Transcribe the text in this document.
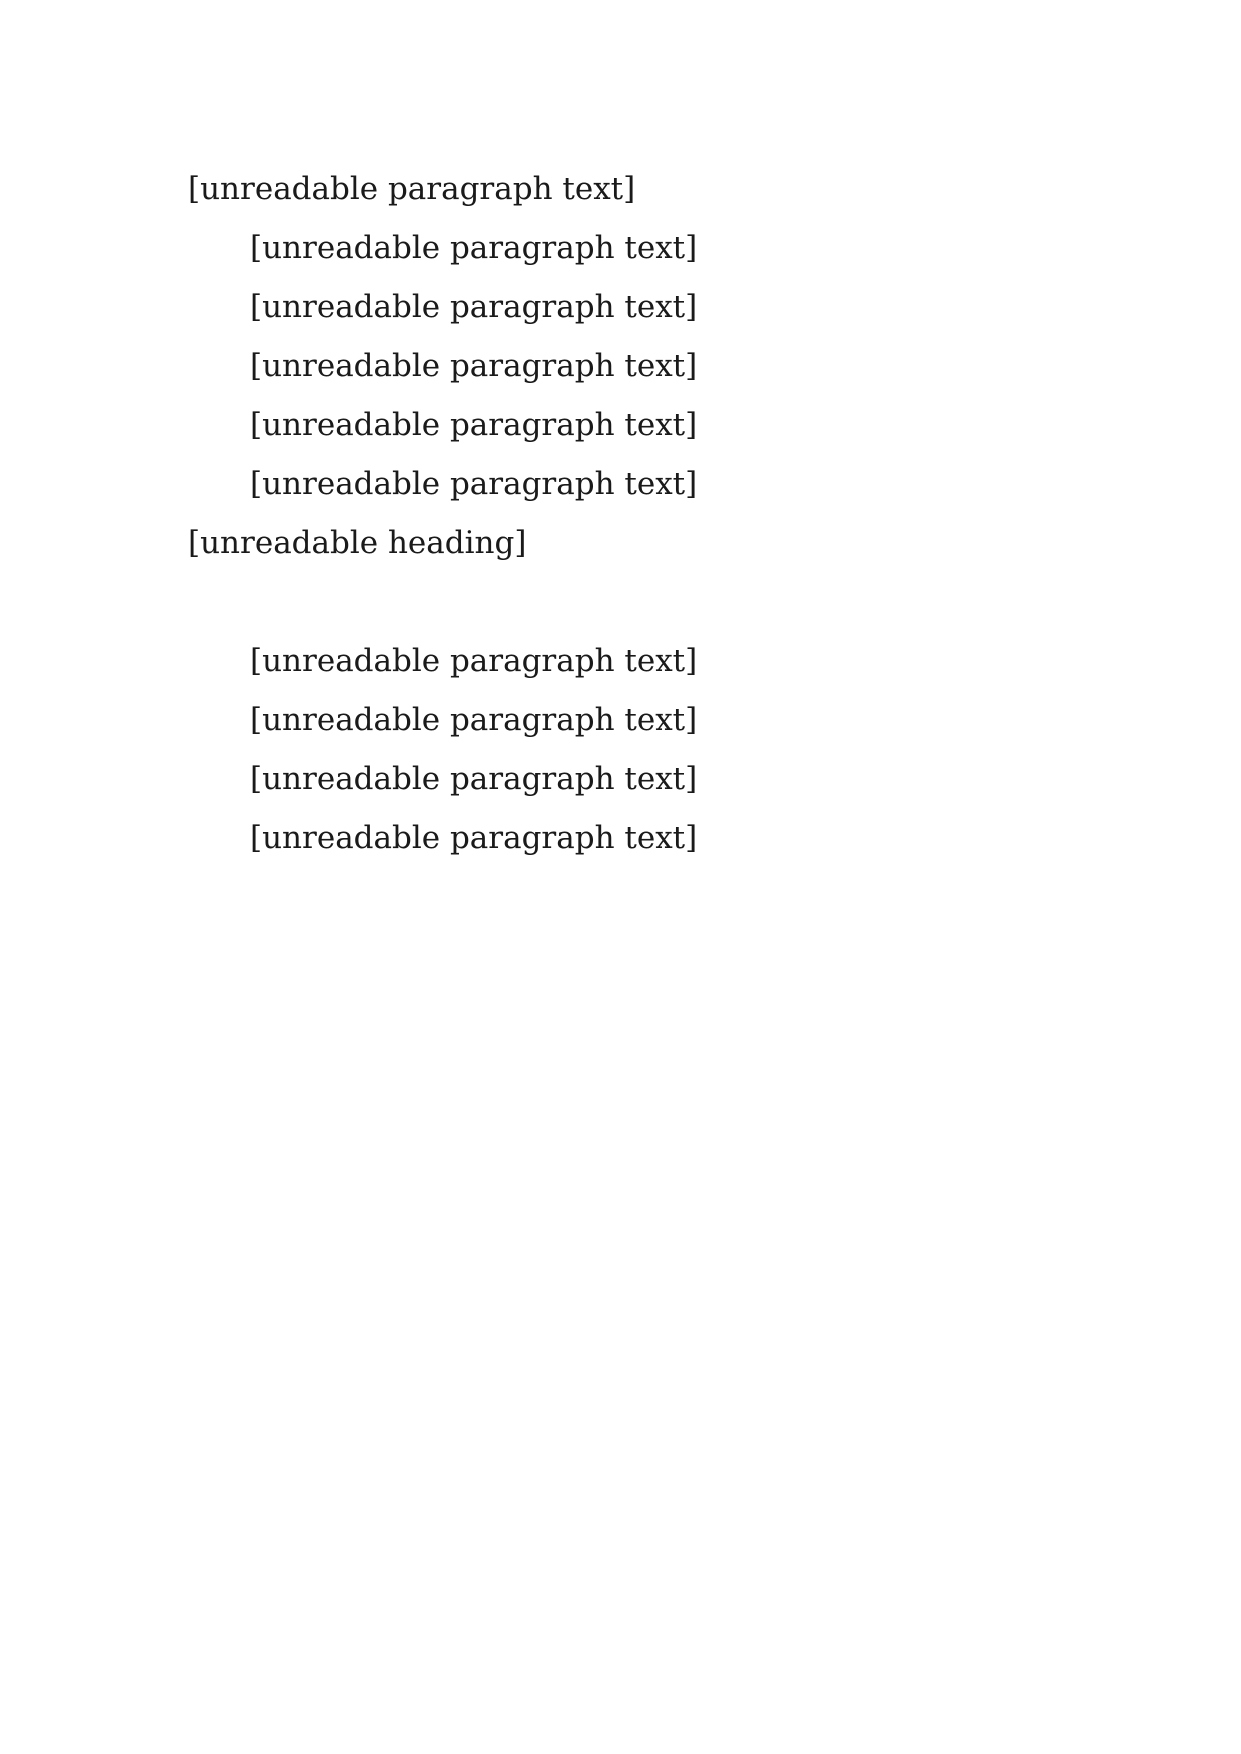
[unreadable paragraph text]

[unreadable paragraph text]

[unreadable paragraph text]

[unreadable paragraph text]

[unreadable paragraph text]

[unreadable paragraph text]

[unreadable heading]

[unreadable paragraph text]

[unreadable paragraph text]

[unreadable paragraph text]

[unreadable paragraph text]
